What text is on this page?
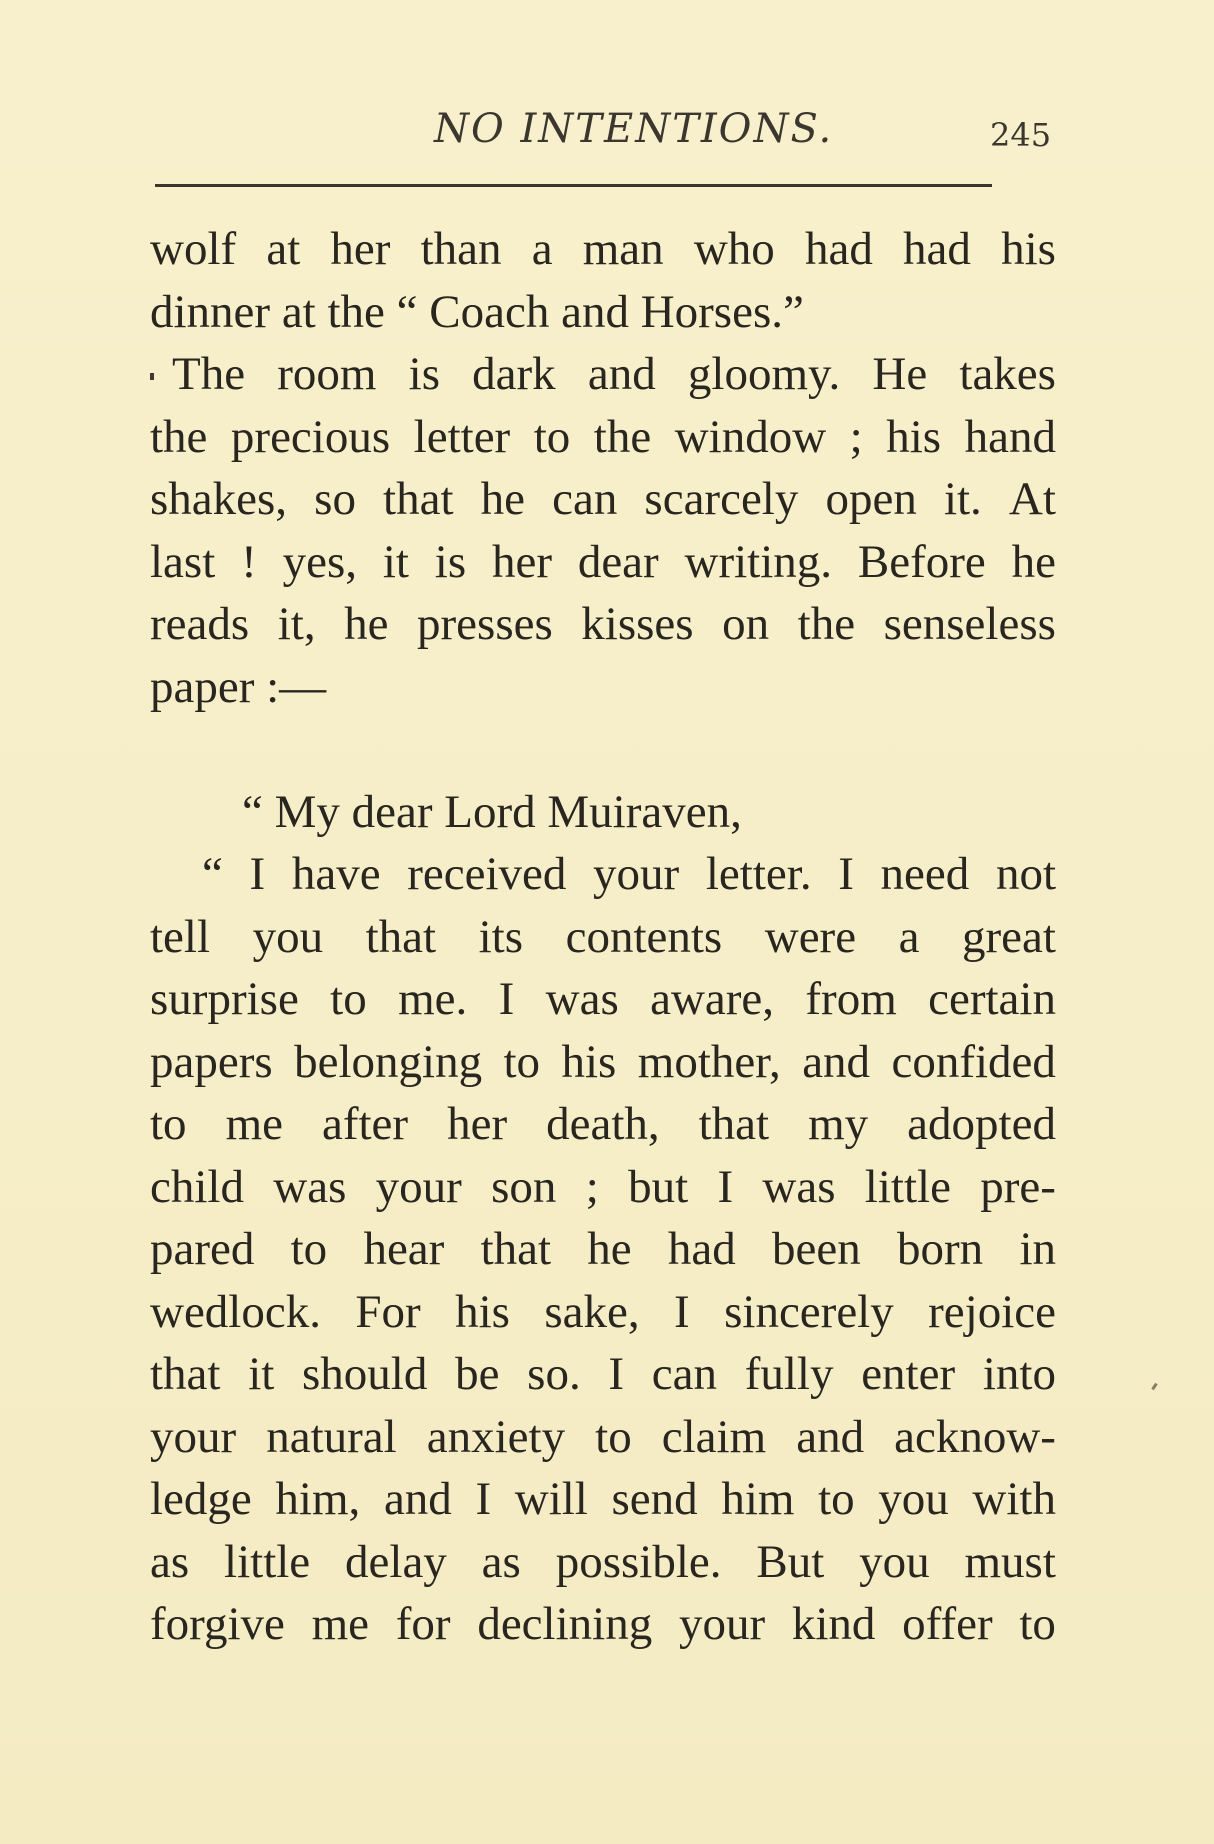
NO INTENTIONS.	245
wolf at her than a man who had had his
dinner at the “ Coach and Horses.”
The room is dark and gloomy. He takes
the precious letter to the window ; his hand
shakes, so that he can scarcely open it. At
last ! yes, it is her dear writing. Before he
reads it, he presses kisses on the senseless
paper :—
“ My dear Lord Muiraven,
“ I have received your letter. I need not
tell you that its contents were a great
surprise to me. I was aware, from certain
papers belonging to his mother, and confided
to me after her death, that my adopted
child was your son ; but I was little pre-
pared to hear that he had been born in
wedlock. For his sake, I sincerely rejoice
that it should be so. I can fully enter into
your natural anxiety to claim and acknow-
ledge him, and I will send him to you with
as little delay as possible. But you must
forgive me for declining your kind offer to
